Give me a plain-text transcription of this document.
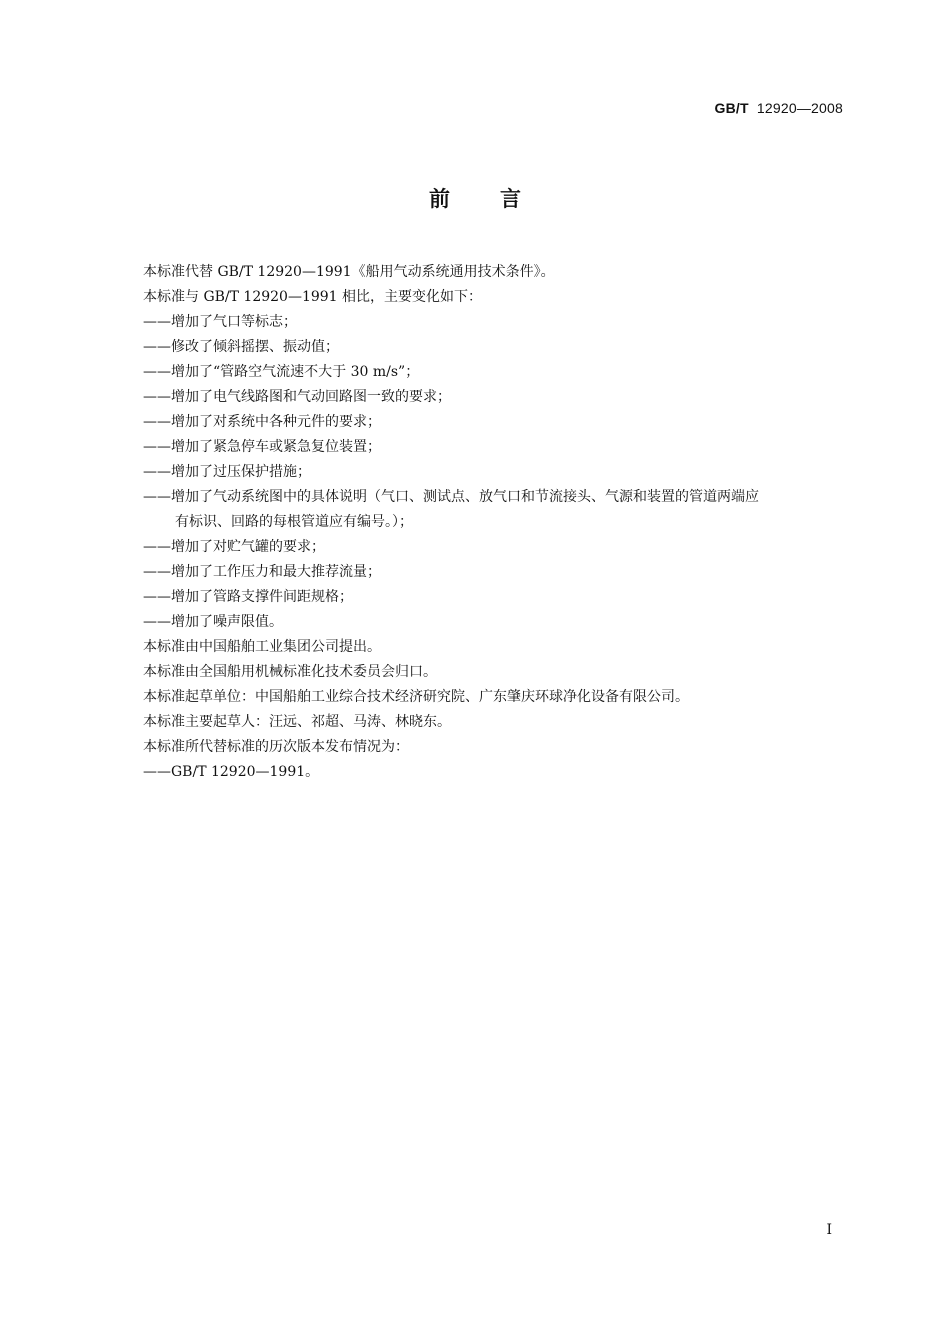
GB/T 12920—2008
前言
本标准代替 GB/T 12920—1991《船用气动系统通用技术条件》。
本标准与 GB/T 12920—1991 相比，主要变化如下：
——增加了气口等标志；
——修改了倾斜摇摆、振动值；
——增加了“管路空气流速不大于 30 m/s”；
——增加了电气线路图和气动回路图一致的要求；
——增加了对系统中各种元件的要求；
——增加了紧急停车或紧急复位装置；
——增加了过压保护措施；
——增加了气动系统图中的具体说明（气口、测试点、放气口和节流接头、气源和装置的管道两端应
有标识、回路的每根管道应有编号。）；
——增加了对贮气罐的要求；
——增加了工作压力和最大推荐流量；
——增加了管路支撑件间距规格；
——增加了噪声限值。
本标准由中国船舶工业集团公司提出。
本标准由全国船用机械标准化技术委员会归口。
本标准起草单位：中国船舶工业综合技术经济研究院、广东肇庆环球净化设备有限公司。
本标准主要起草人：汪远、祁超、马涛、林晓东。
本标准所代替标准的历次版本发布情况为：
——GB/T 12920—1991。
I
